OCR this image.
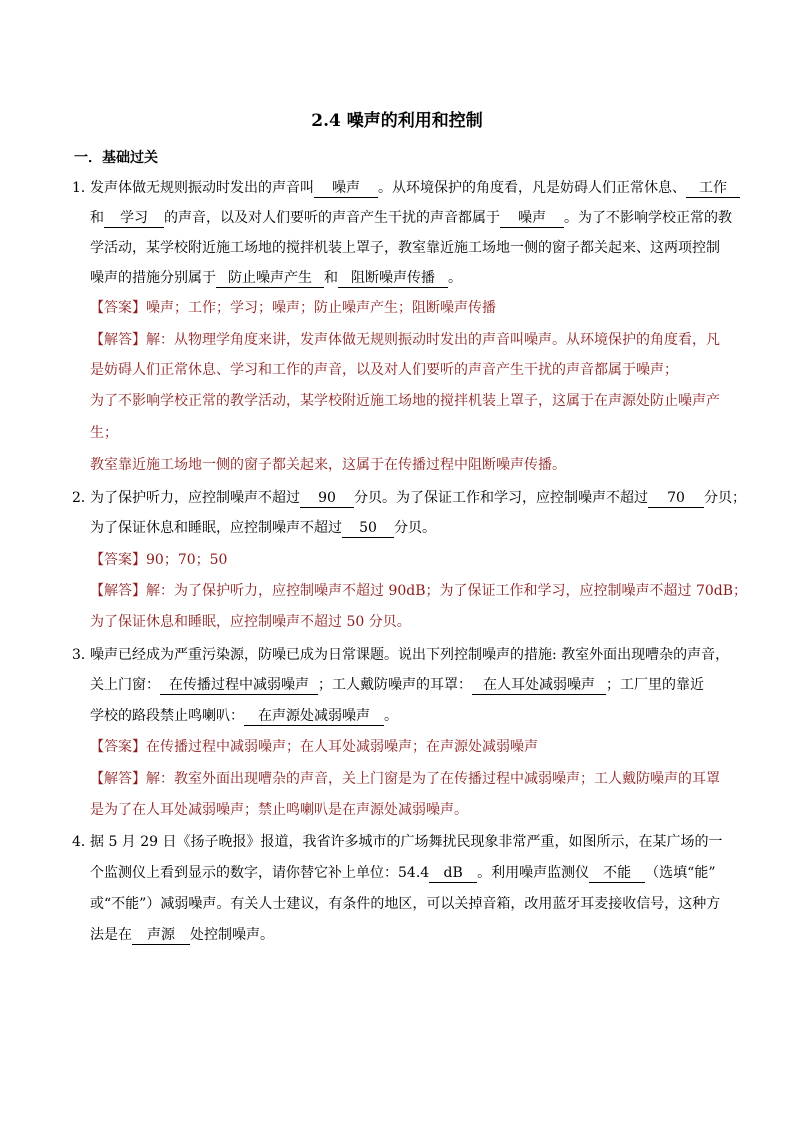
2.4 噪声的利用和控制
一．基础过关
1．发声体做无规则振动时发出的声音叫 噪声 。从环境保护的角度看，凡是妨碍人们正常休息、 工作
和 学习 的声音，以及对人们要听的声音产生干扰的声音都属于 噪声 。为了不影响学校正常的教
学活动，某学校附近施工场地的搅拌机装上罩子，教室靠近施工场地一侧的窗子都关起来、这两项控制
噪声的措施分别属于 防止噪声产生 和 阻断噪声传播 。
【答案】噪声；工作；学习；噪声；防止噪声产生；阻断噪声传播
【解答】解：从物理学角度来讲，发声体做无规则振动时发出的声音叫噪声。从环境保护的角度看，凡
是妨碍人们正常休息、学习和工作的声音，以及对人们要听的声音产生干扰的声音都属于噪声；
为了不影响学校正常的教学活动，某学校附近施工场地的搅拌机装上罩子，这属于在声源处防止噪声产
生；
教室靠近施工场地一侧的窗子都关起来，这属于在传播过程中阻断噪声传播。
2．为了保护听力，应控制噪声不超过 90 分贝。为了保证工作和学习，应控制噪声不超过 70 分贝；
为了保证休息和睡眠，应控制噪声不超过 50 分贝。
【答案】90；70；50
【解答】解：为了保护听力，应控制噪声不超过 90dB；为了保证工作和学习，应控制噪声不超过 70dB；
为了保证休息和睡眠，应控制噪声不超过 50 分贝。
3．噪声已经成为严重污染源，防噪已成为日常课题。说出下列控制噪声的措施: 教室外面出现嘈杂的声音，
关上门窗： 在传播过程中减弱噪声 ；工人戴防噪声的耳罩： 在人耳处减弱噪声 ；工厂里的靠近
学校的路段禁止鸣喇叭： 在声源处减弱噪声 。
【答案】在传播过程中减弱噪声；在人耳处减弱噪声；在声源处减弱噪声
【解答】解：教室外面出现嘈杂的声音，关上门窗是为了在传播过程中减弱噪声；工人戴防噪声的耳罩
是为了在人耳处减弱噪声；禁止鸣喇叭是在声源处减弱噪声。
4．据 5 月 29 日《扬子晚报》报道，我省许多城市的广场舞扰民现象非常严重，如图所示，在某广场的一
个监测仪上看到显示的数字，请你替它补上单位：54.4 dB 。利用噪声监测仪 不能 （选填“能”
或“不能”）减弱噪声。有关人士建议，有条件的地区，可以关掉音箱，改用蓝牙耳麦接收信号，这种方
法是在 声源 处控制噪声。
